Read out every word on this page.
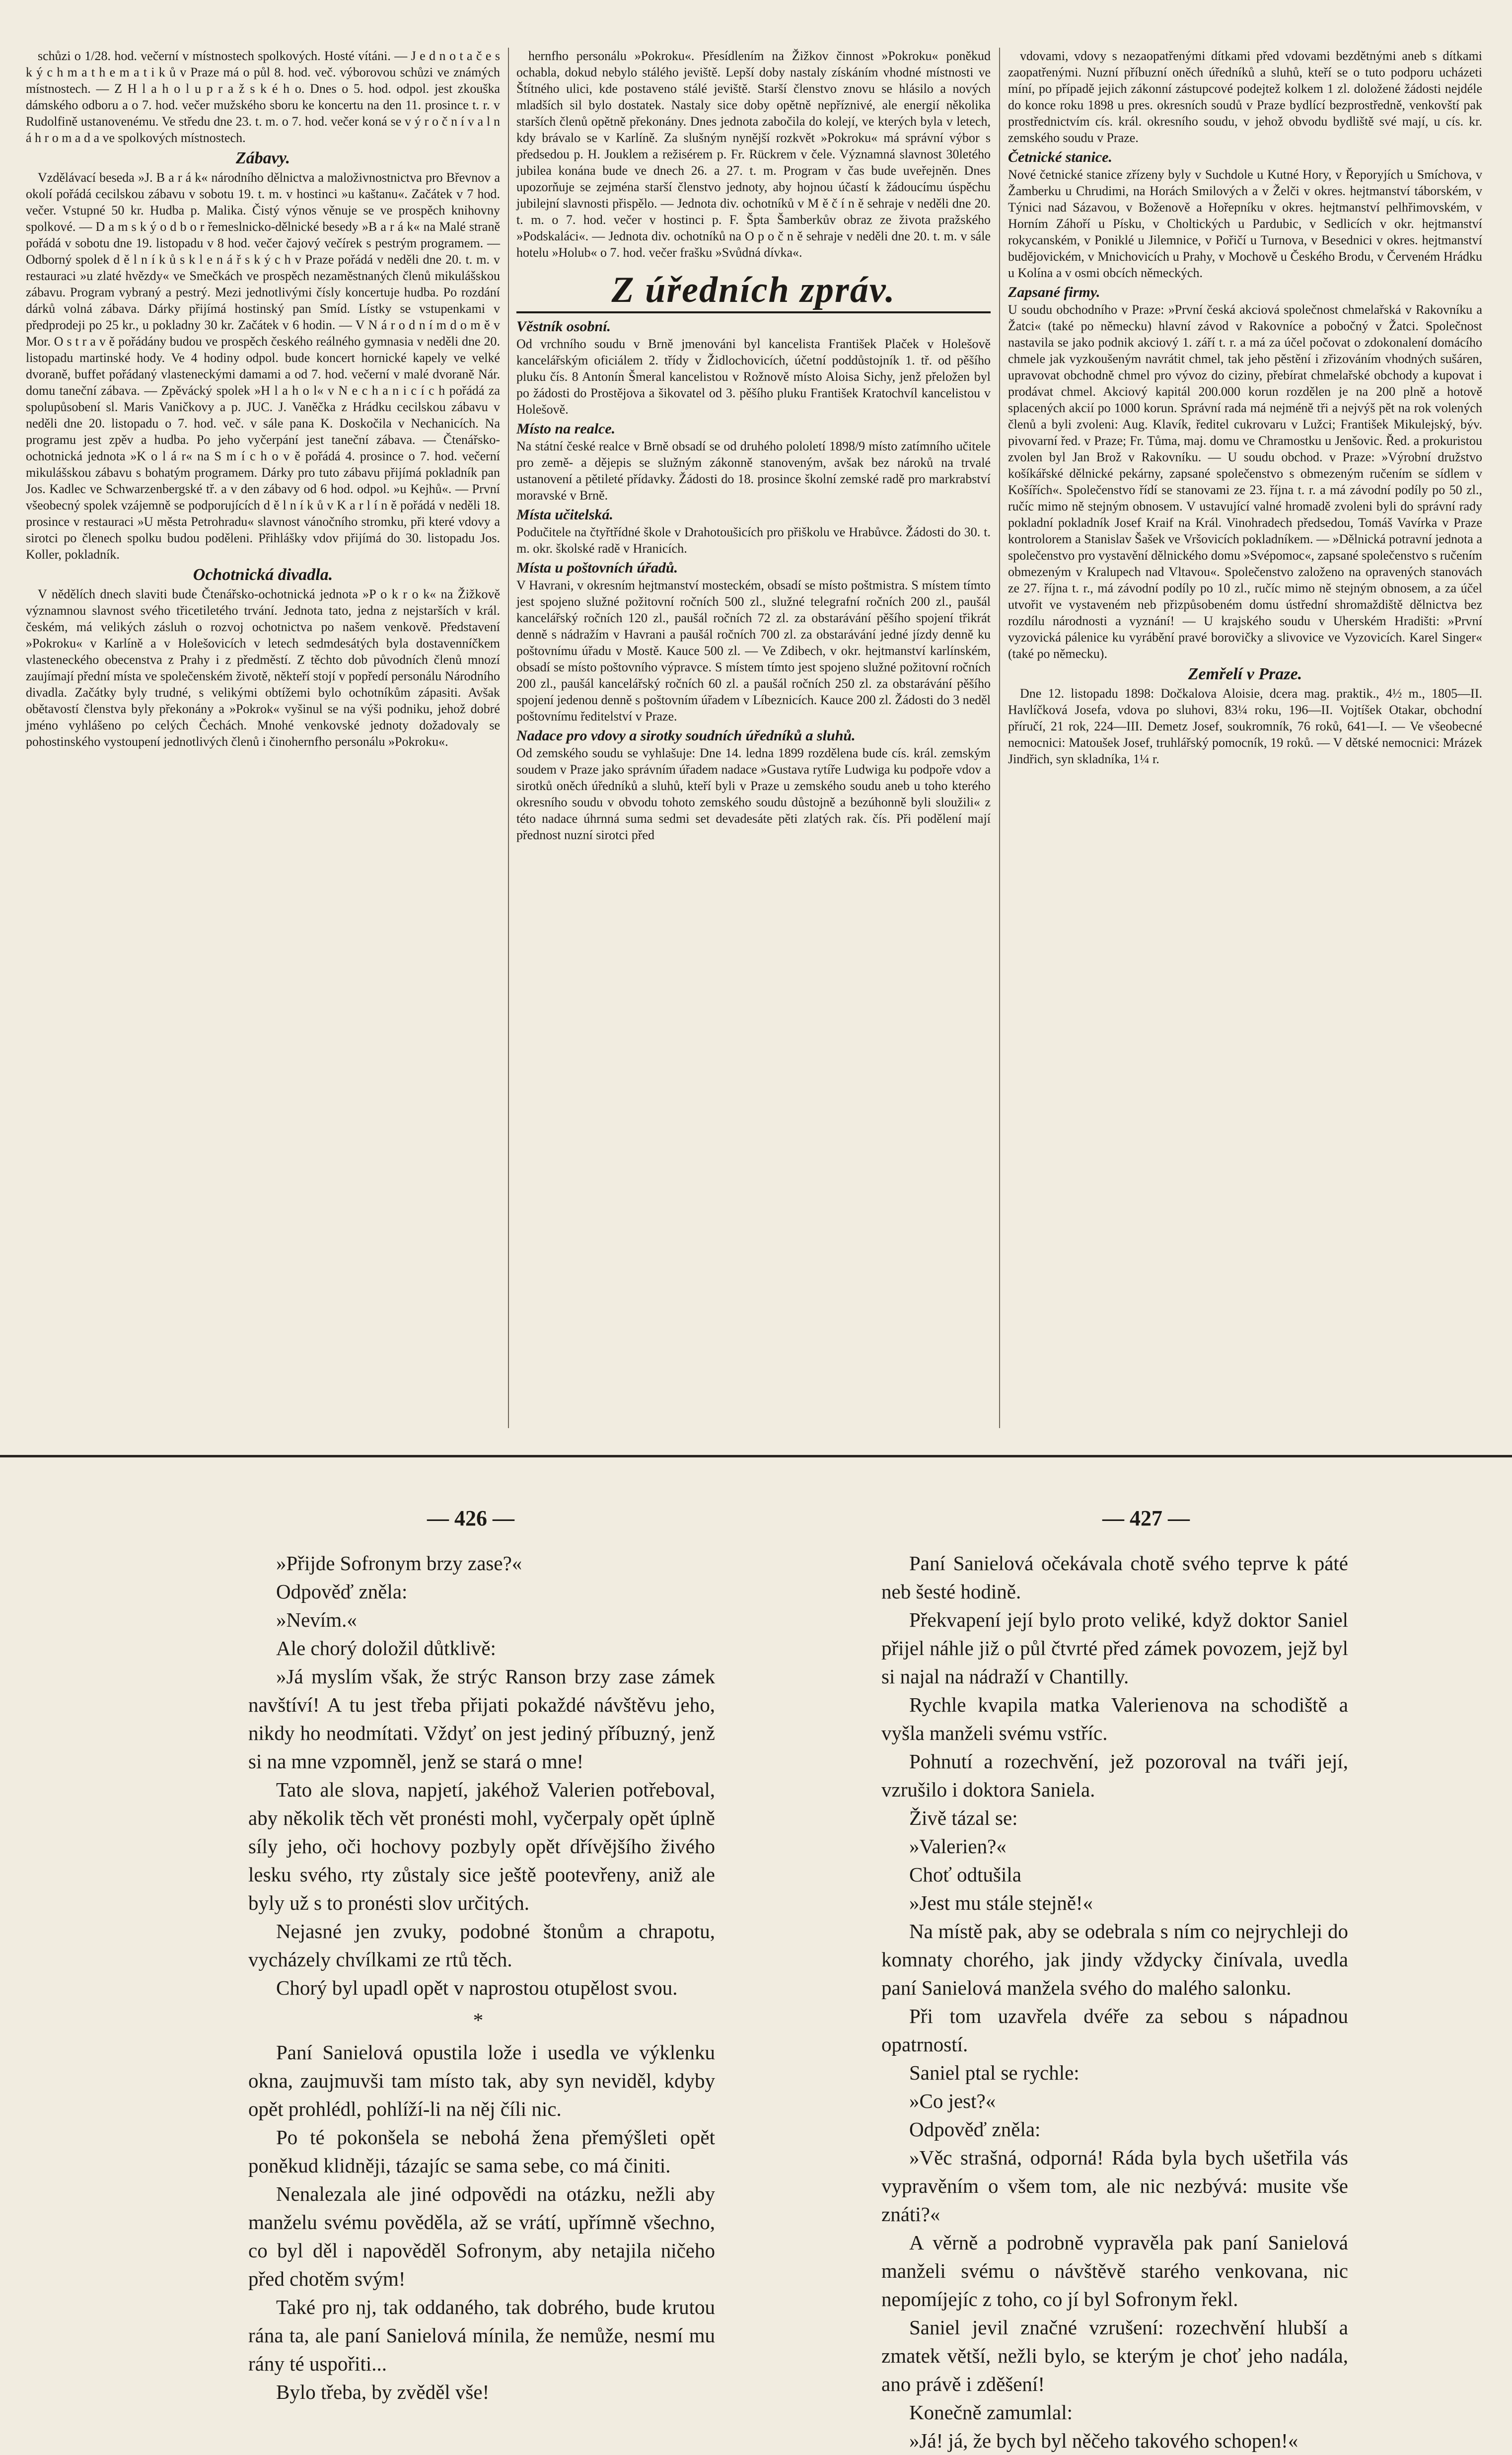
schůzi o 1/28. hod. večerní v místnostech spolkových. Hosté vítáni. — J e d n o t a č e s k ý c h m a t h e m a t i k ů v Praze má o půl 8. hod. več. výborovou schůzi ve známých místnostech. — Z H l a h o l u p r a ž s k é h o. Dnes o 5. hod. odpol. jest zkouška dámského odboru a o 7. hod. večer mužského sboru ke koncertu na den 11. prosince t. r. v Rudolfině ustanovenému. Ve středu dne 23. t. m. o 7. hod. večer koná se v ý r o č n í v a l n á h r o m a d a ve spolkových místnostech.

Zábavy.

Vzdělávací beseda »J. B a r á k« národního dělnictva a maloživnostnictva pro Břevnov a okolí pořádá cecilskou zábavu v sobotu 19. t. m. v hostinci »u kaštanu«. Začátek v 7 hod. večer. Vstupné 50 kr. Hudba p. Malika. Čistý výnos věnuje se ve prospěch knihovny spolkové. — D a m s k ý o d b o r řemeslnicko-dělnické besedy »B a r á k« na Malé straně pořádá v sobotu dne 19. listopadu v 8 hod. večer čajový večírek s pestrým programem. — Odborný spolek d ě l n í k ů s k l e n á ř s k ý c h v Praze pořádá v neděli dne 20. t. m. v restauraci »u zlaté hvězdy« ve Smečkách ve prospěch nezaměstnaných členů mikulášskou zábavu. Program vybraný a pestrý. Mezi jednotlivými čísly koncertuje hudba. Po rozdání dárků volná zábava. Dárky přijímá hostinský pan Smíd. Lístky se vstupenkami v předprodeji po 25 kr., u pokladny 30 kr. Začátek v 6 hodin. — V N á r o d n í m d o m ě v Mor. O s t r a v ě pořádány budou ve prospěch českého reálného gymnasia v neděli dne 20. listopadu martinské hody. Ve 4 hodiny odpol. bude koncert hornické kapely ve velké dvoraně, buffet pořádaný vlasteneckými damami a od 7. hod. večerní v malé dvoraně Nár. domu taneční zábava. — Zpěvácký spolek »H l a h o l« v N e c h a n i c í c h pořádá za spolupůsobení sl. Maris Vaničkovy a p. JUC. J. Vaněčka z Hrádku cecilskou zábavu v neděli dne 20. listopadu o 7. hod. več. v sále pana K. Doskočila v Nechanicích. Na programu jest zpěv a hudba. Po jeho vyčerpání jest taneční zábava. — Čtenářsko-ochotnická jednota »K o l á r« na S m í c h o v ě pořádá 4. prosince o 7. hod. večerní mikulášskou zábavu s bohatým programem. Dárky pro tuto zábavu přijímá pokladník pan Jos. Kadlec ve Schwarzenbergské tř. a v den zábavy od 6 hod. odpol. »u Kejhů«. — První všeobecný spolek vzájemně se podporujících d ě l n í k ů v K a r l í n ě pořádá v neděli 18. prosince v restauraci »U města Petrohradu« slavnost vánočního stromku, při které vdovy a sirotci po členech spolku budou poděleni. Přihlášky vdov přijímá do 30. listopadu Jos. Koller, pokladník.

Ochotnická divadla.

V nědělích dnech slaviti bude Čtenářsko-ochotnická jednota »P o k r o k« na Žižkově významnou slavnost svého třicetiletého trvání. Jednota tato, jedna z nejstarších v král. českém, má velikých zásluh o rozvoj ochotnictva po našem venkově. Představení »Pokroku« v Karlíně a v Holešovicích v letech sedmdesátých byla dostavenníčkem vlasteneckého obecenstva z Prahy i z předměstí. Z těchto dob původních členů mnozí zaujímají přední místa ve společenském životě, někteří stojí v popředí personálu Národního divadla. Začátky byly trudné, s velikými obtížemi bylo ochotníkům zápasiti. Avšak obětavostí členstva byly překonány a »Pokrok« vyšinul se na výši podniku, jehož dobré jméno vyhlášeno po celých Čechách. Mnohé venkovské jednoty dožadovaly se pohostinského vystoupení jednotlivých členů i činohernfho personálu »Pokroku«.

hernfho personálu »Pokroku«. Přesídlením na Žižkov činnost »Pokroku« poněkud ochabla, dokud nebylo stálého jeviště. Lepší doby nastaly získáním vhodné místnosti ve Štítného ulici, kde postaveno stálé jeviště. Starší členstvo znovu se hlásilo a nových mladších sil bylo dostatek. Nastaly sice doby opětně nepříznivé, ale energií několika starších členů opětně překonány. Dnes jednota zabočila do kolejí, ve kterých byla v letech, kdy brávalo se v Karlíně. Za slušným nynější rozkvět »Pokroku« má správní výbor s předsedou p. H. Jouklem a režisérem p. Fr. Rückrem v čele. Významná slavnost 30letého jubilea konána bude ve dnech 26. a 27. t. m. Program v čas bude uveřejněn. Dnes upozorňuje se zejména starší členstvo jednoty, aby hojnou účastí k žádoucímu úspěchu jubilejní slavnosti přispělo. — Jednota div. ochotníků v M ě č í n ě sehraje v neděli dne 20. t. m. o 7. hod. večer v hostinci p. F. Špta Šamberkův obraz ze života pražského »Podskaláci«. — Jednota div. ochotníků na O p o č n ě sehraje v neděli dne 20. t. m. v sále hotelu »Holub« o 7. hod. večer frašku »Svůdná dívka«.

Z úředních zpráv.
Věstník osobní.

Od vrchního soudu v Brně jmenováni byl kancelista František Plaček v Holešově kancelářským oficiálem 2. třídy v Židlochovicích, účetní poddůstojník 1. tř. od pěšího pluku čís. 8 Antonín Šmeral kancelistou v Rožnově místo Aloisa Sichy, jenž přeložen byl po žádosti do Prostějova a šikovatel od 3. pěšího pluku František Kratochvíl kancelistou v Holešově.

Místo na realce.

Na státní české realce v Brně obsadí se od druhého pololetí 1898/9 místo zatímního učitele pro země- a dějepis se služným zákonně stanoveným, avšak bez nároků na trvalé ustanovení a pětileté přídavky. Žádosti do 18. prosince školní zemské radě pro markrabství moravské v Brně.

Místa učitelská.

Podučitele na čtyřtřídné škole v Drahotoušicích pro přiškolu ve Hrabůvce. Žádosti do 30. t. m. okr. školské radě v Hranicích.

Místa u poštovních úřadů.

V Havrani, v okresním hejtmanství mosteckém, obsadí se místo poštmistra. S místem tímto jest spojeno služné požitovní ročních 500 zl., služné telegrafní ročních 200 zl., paušál kancelářský ročních 120 zl., paušál ročních 72 zl. za obstarávání pěšího spojení třikrát denně s nádražím v Havrani a paušál ročních 700 zl. za obstarávání jedné jízdy denně ku poštovnímu úřadu v Mostě. Kauce 500 zl. — Ve Zdibech, v okr. hejtmanství karlínském, obsadí se místo poštovního výpravce. S místem tímto jest spojeno služné požitovní ročních 200 zl., paušál kancelářský ročních 60 zl. a paušál ročních 250 zl. za obstarávání pěšího spojení jedenou denně s poštovním úřadem v Líbeznicích. Kauce 200 zl. Žádosti do 3 neděl poštovnímu ředitelství v Praze.

Nadace pro vdovy a sirotky soudních úředníků a sluhů.

Od zemského soudu se vyhlašuje: Dne 14. ledna 1899 rozdělena bude cís. král. zemským soudem v Praze jako správním úřadem nadace »Gustava rytíře Ludwiga ku podpoře vdov a sirotků oněch úředníků a sluhů, kteří byli v Praze u zemského soudu aneb u toho kterého okresního soudu v obvodu tohoto zemského soudu důstojně a bezúhonně byli sloužili« z této nadace úhrnná suma sedmi set devadesáte pěti zlatých rak. čís. Při podělení mají přednost nuzní sirotci před

vdovami, vdovy s nezaopatřenými dítkami před vdovami bezdětnými aneb s dítkami zaopatřenými. Nuzní příbuzní oněch úředníků a sluhů, kteří se o tuto podporu ucházeti míní, po případě jejich zákonní zástupcové podejtež kolkem 1 zl. doložené žádosti nejdéle do konce roku 1898 u pres. okresních soudů v Praze bydlící bezprostředně, venkovští pak prostřednictvím cís. král. okresního soudu, v jehož obvodu bydliště své mají, u cís. kr. zemského soudu v Praze.

Četnické stanice.

Nové četnické stanice zřízeny byly v Suchdole u Kutné Hory, v Řeporyjích u Smíchova, v Žamberku u Chrudimi, na Horách Smilových a v Želči v okres. hejtmanství táborském, v Týnici nad Sázavou, v Boženově a Hořepníku v okres. hejtmanství pelhřimovském, v Horním Záhoří u Písku, v Choltických u Pardubic, v Sedlicích v okr. hejtmanství rokycanském, v Poniklé u Jilemnice, v Pořičí u Turnova, v Besednici v okres. hejtmanství budějovickém, v Mnichovicích u Prahy, v Mochově u Českého Brodu, v Červeném Hrádku u Kolína a v osmi obcích německých.

Zapsané firmy.

U soudu obchodního v Praze: »První česká akciová společnost chmelařská v Rakovníku a Žatci« (také po německu) hlavní závod v Rakovníce a pobočný v Žatci. Společnost nastavila se jako podnik akciový 1. září t. r. a má za účel počovat o zdokonalení domácího chmele jak vyzkoušeným navrátit chmel, tak jeho pěstění i zřizováním vhodných sušáren, upravovat obchodně chmel pro vývoz do ciziny, přebírat chmelařské obchody a kupovat i prodávat chmel. Akciový kapitál 200.000 korun rozdělen je na 200 plně a hotově splacených akcií po 1000 korun. Správní rada má nejméně tři a nejvýš pět na rok volených členů a byli zvoleni: Aug. Klavík, ředitel cukrovaru v Lužci; František Mikulejský, býv. pivovarní řed. v Praze; Fr. Tůma, maj. domu ve Chramostku u Jenšovic. Řed. a prokuristou zvolen byl Jan Brož v Rakovníku. — U soudu obchod. v Praze: »Výrobní družstvo košíkářské dělnické pekárny, zapsané společenstvo s obmezeným ručením se sídlem v Košířích«. Společenstvo řídí se stanovami ze 23. října t. r. a má závodní podíly po 50 zl., ručíc mimo ně stejným obnosem. V ustavující valné hromadě zvoleni byli do správní rady pokladní pokladník Josef Kraif na Král. Vinohradech předsedou, Tomáš Vavírka v Praze kontrolorem a Stanislav Šašek ve Vršovicích pokladníkem. — »Dělnická potravní jednota a společenstvo pro vystavění dělnického domu »Svépomoc«, zapsané společenstvo s ručením obmezeným v Kralupech nad Vltavou«. Společenstvo založeno na opravených stanovách ze 27. října t. r., má závodní podíly po 10 zl., ručíc mimo ně stejným obnosem, a za účel utvořit ve vystaveném neb přizpůsobeném domu ústřední shromaždiště dělnictva bez rozdílu národnosti a vyznání! — U krajského soudu v Uherském Hradišti: »První vyzovická pálenice ku vyrábění pravé borovičky a slivovice ve Vyzovicích. Karel Singer« (také po německu).

Zemřelí v Praze.

Dne 12. listopadu 1898: Dočkalova Aloisie, dcera mag. praktik., 4½ m., 1805—II. Havlíčková Josefa, vdova po sluhovi, 83¼ roku, 196—II. Vojtíšek Otakar, obchodní příručí, 21 rok, 224—III. Demetz Josef, soukromník, 76 roků, 641—I. — Ve všeobecné nemocnici: Matoušek Josef, truhlářský pomocník, 19 roků. — V dětské nemocnici: Mrázek Jindřich, syn skladníka, 1¼ r.

— 426 —	— 427 —

»Přijde Sofronym brzy zase?«

Odpověď zněla:

»Nevím.«

Ale chorý doložil důtklivě:

»Já myslím však, že strýc Ranson brzy zase zámek navštíví! A tu jest třeba přijati pokaždé návštěvu jeho, nikdy ho neodmítati. Vždyť on jest jediný příbuzný, jenž si na mne vzpomněl, jenž se stará o mne!

Tato ale slova, napjetí, jakéhož Valerien potřeboval, aby několik těch vět pronésti mohl, vyčerpaly opět úplně síly jeho, oči hochovy pozbyly opět dřívějšího živého lesku svého, rty zůstaly sice ještě pootevřeny, aniž ale byly už s to pronésti slov určitých.

Nejasné jen zvuky, podobné štonům a chrapotu, vycházely chvílkami ze rtů těch.

Chorý byl upadl opět v naprostou otupělost svou.

*

Paní Sanielová opustila lože i usedla ve výklenku okna, zaujmuvši tam místo tak, aby syn neviděl, kdyby opět prohlédl, pohlíží-li na něj číli nic.

Po té pokonšela se nebohá žena přemýšleti opět poněkud klidněji, tázajíc se sama sebe, co má činiti.

Nenalezala ale jiné odpovědi na otázku, nežli aby manželu svému pověděla, až se vrátí, upřímně všechno, co byl děl i napověděl Sofronym, aby netajila ničeho před chotěm svým!

Také pro nj, tak oddaného, tak dobrého, bude krutou rána ta, ale paní Sanielová mínila, že nemůže, nesmí mu rány té uspořiti...

Bylo třeba, by zvěděl vše!

Paní Sanielová očekávala chotě svého teprve k páté neb šesté hodině.

Překvapení její bylo proto veliké, když doktor Saniel přijel náhle již o půl čtvrté před zámek povozem, jejž byl si najal na nádraží v Chantilly.

Rychle kvapila matka Valerienova na schodiště a vyšla manželi svému vstříc.

Pohnutí a rozechvění, jež pozoroval na tváři její, vzrušilo i doktora Saniela.

Živě tázal se:

»Valerien?«

Choť odtušila

»Jest mu stále stejně!«

Na místě pak, aby se odebrala s ním co nejrychleji do komnaty chorého, jak jindy vždycky činívala, uvedla paní Sanielová manžela svého do malého salonku.

Při tom uzavřela dvéře za sebou s nápadnou opatrností.

Saniel ptal se rychle:

»Co jest?«

Odpověď zněla:

»Věc strašná, odporná! Ráda byla bych ušetřila vás vypravěním o všem tom, ale nic nezbývá: musite vše znáti?«

A věrně a podrobně vypravěla pak paní Sanielová manželi svému o návštěvě starého venkovana, nic nepomíjejíc z toho, co jí byl Sofronym řekl.

Saniel jevil značné vzrušení: rozechvění hlubší a zmatek větší, nežli bylo, se kterým je choť jeho nadála, ano právě i zděšení!

Konečně zamumlal:

»Já! já, že bych byl něčeho takového schopen!«
